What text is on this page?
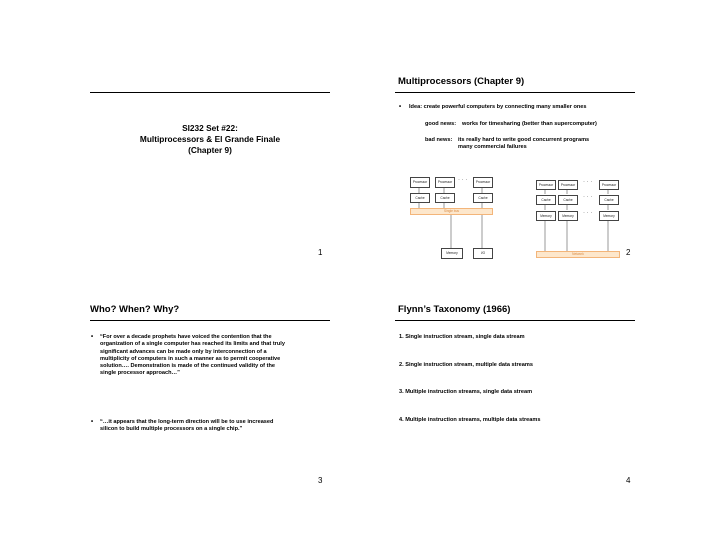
SI232 Set #22:
Multiprocessors & El Grande Finale
(Chapter 9)
1
Multiprocessors (Chapter 9)
• Idea: create powerful computers by connecting many smaller ones
good news: works for timesharing (better than supercomputer)
bad news: its really hard to write good concurrent programs
many commercial failures
Processor	Processor · · ·	Processor
Cache	Cache	Cache
Single bus
Memory	I/O
Processor	Processor	· · ·	Processor
Cache	Cache	· · ·	Cache
Memory	Memory	· · ·	Memory
Network	2
Who? When? Why?
• “For over a decade prophets have voiced the contention that the
organization of a single computer has reached its limits and that truly
significant advances can be made only by interconnection of a
multiplicity of computers in such a manner as to permit cooperative
solution…. Demonstration is made of the continued validity of the
single processor approach…”
• “…it appears that the long-term direction will be to use increased
silicon to build multiple processors on a single chip.”
3
Flynn’s Taxonomy (1966)
1. Single instruction stream, single data stream
2. Single instruction stream, multiple data streams
3. Multiple instruction streams, single data stream
4. Multiple instruction streams, multiple data streams
4
